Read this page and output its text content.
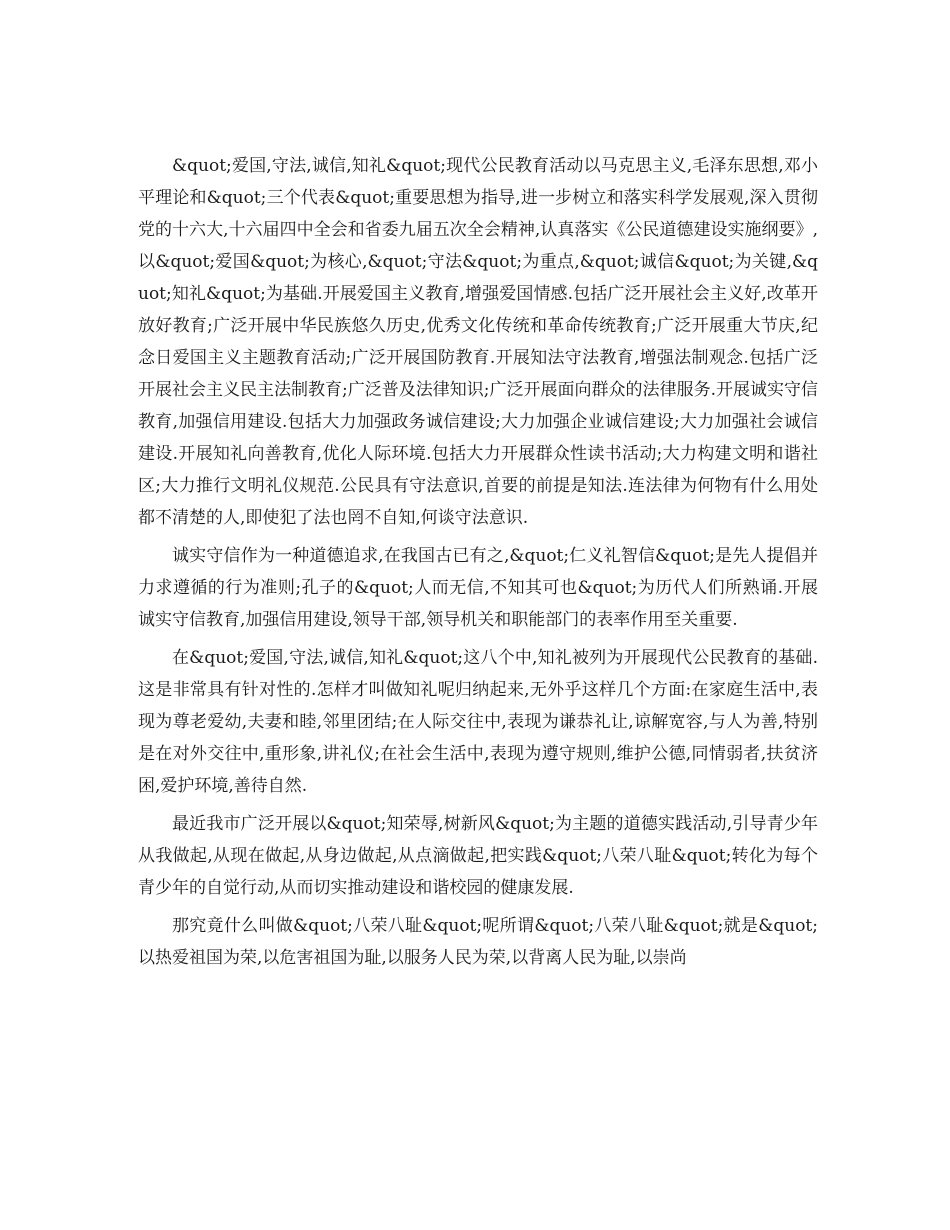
&quot;爱国,守法,诚信,知礼&quot;现代公民教育活动以马克思主义,毛泽东思想,邓小平理论和&quot;三个代表&quot;重要思想为指导,进一步树立和落实科学发展观,深入贯彻党的十六大,十六届四中全会和省委九届五次全会精神,认真落实《公民道德建设实施纲要》,以&quot;爱国&quot;为核心,&quot;守法&quot;为重点,&quot;诚信&quot;为关键,&quot;知礼&quot;为基础.开展爱国主义教育,增强爱国情感.包括广泛开展社会主义好,改革开放好教育;广泛开展中华民族悠久历史,优秀文化传统和革命传统教育;广泛开展重大节庆,纪念日爱国主义主题教育活动;广泛开展国防教育.开展知法守法教育,增强法制观念.包括广泛开展社会主义民主法制教育;广泛普及法律知识;广泛开展面向群众的法律服务.开展诚实守信教育,加强信用建设.包括大力加强政务诚信建设;大力加强企业诚信建设;大力加强社会诚信建设.开展知礼向善教育,优化人际环境.包括大力开展群众性读书活动;大力构建文明和谐社区;大力推行文明礼仪规范.公民具有守法意识,首要的前提是知法.连法律为何物有什么用处都不清楚的人,即使犯了法也罔不自知,何谈守法意识.

诚实守信作为一种道德追求,在我国古已有之,&quot;仁义礼智信&quot;是先人提倡并力求遵循的行为准则;孔子的&quot;人而无信,不知其可也&quot;为历代人们所熟诵.开展诚实守信教育,加强信用建设,领导干部,领导机关和职能部门的表率作用至关重要.

在&quot;爱国,守法,诚信,知礼&quot;这八个中,知礼被列为开展现代公民教育的基础.这是非常具有针对性的.怎样才叫做知礼呢归纳起来,无外乎这样几个方面:在家庭生活中,表现为尊老爱幼,夫妻和睦,邻里团结;在人际交往中,表现为谦恭礼让,谅解宽容,与人为善,特别是在对外交往中,重形象,讲礼仪;在社会生活中,表现为遵守规则,维护公德,同情弱者,扶贫济困,爱护环境,善待自然.

最近我市广泛开展以&quot;知荣辱,树新风&quot;为主题的道德实践活动,引导青少年从我做起,从现在做起,从身边做起,从点滴做起,把实践&quot;八荣八耻&quot;转化为每个青少年的自觉行动,从而切实推动建设和谐校园的健康发展.

那究竟什么叫做&quot;八荣八耻&quot;呢所谓&quot;八荣八耻&quot;就是&quot;以热爱祖国为荣,以危害祖国为耻,以服务人民为荣,以背离人民为耻,以崇尚
